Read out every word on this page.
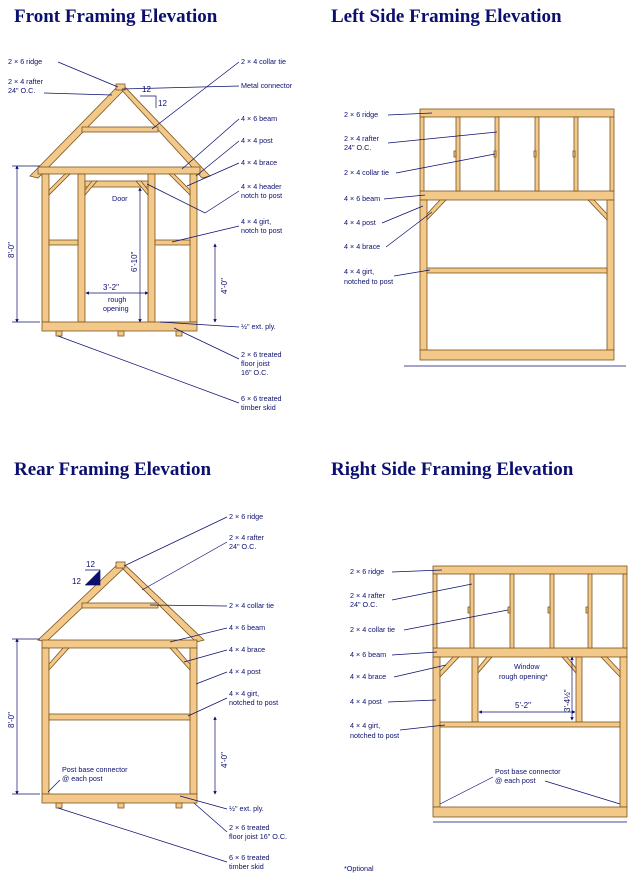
Front Framing Elevation	Left Side Framing Elevation
Rear Framing Elevation	Right Side Framing Elevation
12
12
8'-0"
6'-10"
4'-0"
3'-2"
rough
opening
Door
2 × 6 ridge
2 × 4 rafter
24" O.C.
2 × 4 collar tie
Metal connector
4 × 6 beam
4 × 4 post
4 × 4 brace
4 × 4 header
notch to post
4 × 4 girt,
notch to post
½" ext. ply.
2 × 6 treated
floor joist
16" O.C.
6 × 6 treated
timber skid
2 × 6 ridge
2 × 4 rafter
24" O.C.
2 × 4 collar tie
4 × 6 beam
4 × 4 post
4 × 4 brace
4 × 4 girt,
notched to post
12
12
8'-0"
4'-0"
Post base connector
@ each post
2 × 6 ridge
2 × 4 rafter
24" O.C.
2 × 4 collar tie
4 × 6 beam
4 × 4 brace
4 × 4 post
4 × 4 girt,
notched to post
½" ext. ply.
2 × 6 treated
floor joist 16" O.C.
6 × 6 treated
timber skid
Window
rough opening*
5'-2"	3'-4½"
Post base connector
@ each post
2 × 6 ridge
2 × 4 rafter
24" O.C.
2 × 4 collar tie
4 × 6 beam
4 × 4 brace
4 × 4 post
4 × 4 girt,
notched to post
*Optional
